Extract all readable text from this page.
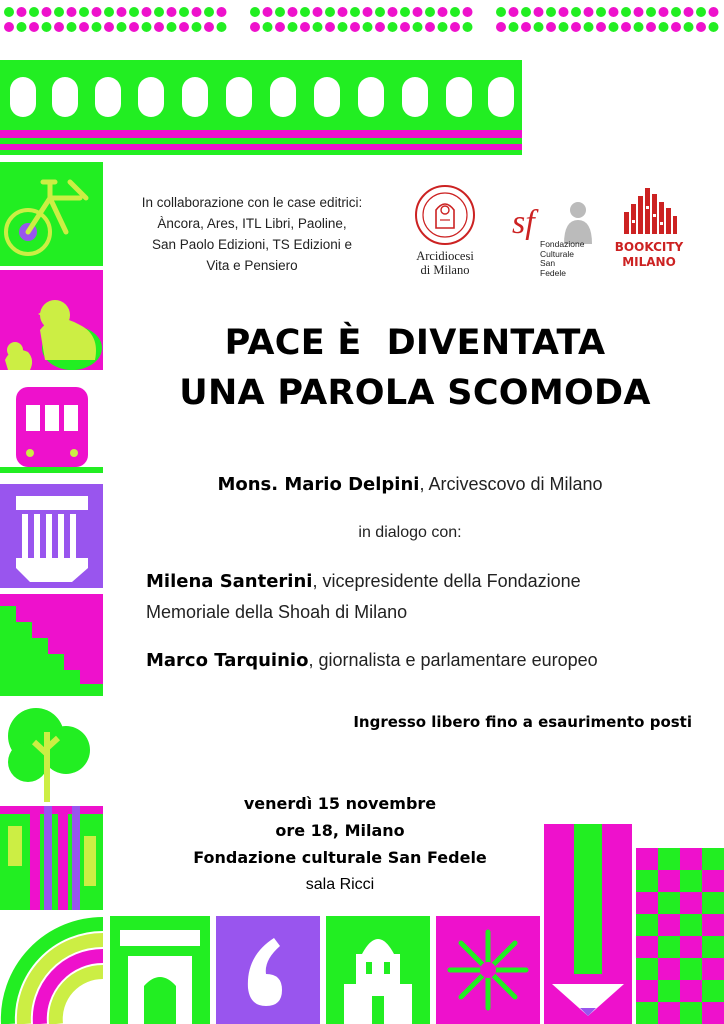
In collaborazione con le case editrici:
Àncora, Ares, ITL Libri, Paoline,
San Paolo Edizioni, TS Edizioni e
Vita e Pensiero
Arcidiocesi
di Milano
sf
Fondazione
Culturale
San
Fedele
BOOKCITY
MILANO
PACE È  DIVENTATA
UNA PAROLA SCOMODA
Mons. Mario Delpini, Arcivescovo di Milano
in dialogo con:
Milena Santerini, vicepresidente della Fondazione
Memoriale della Shoah di Milano
Marco Tarquinio, giornalista e parlamentare europeo
Ingresso libero fino a esaurimento posti
venerdì 15 novembre
ore 18, Milano
Fondazione culturale San Fedele
sala Ricci
